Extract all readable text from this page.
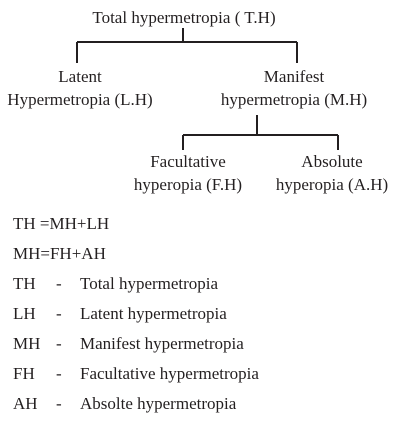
Total hypermetropia ( T.H)
Latent
Hypermetropia (L.H)
Manifest
hypermetropia (M.H)
Facultative
hyperopia (F.H)
Absolute
hyperopia (A.H)
TH =MH+LH
MH=FH+AH
TH - Total hypermetropia
LH - Latent hypermetropia
MH - Manifest hypermetropia
FH - Facultative hypermetropia
AH - Absolte hypermetropia
